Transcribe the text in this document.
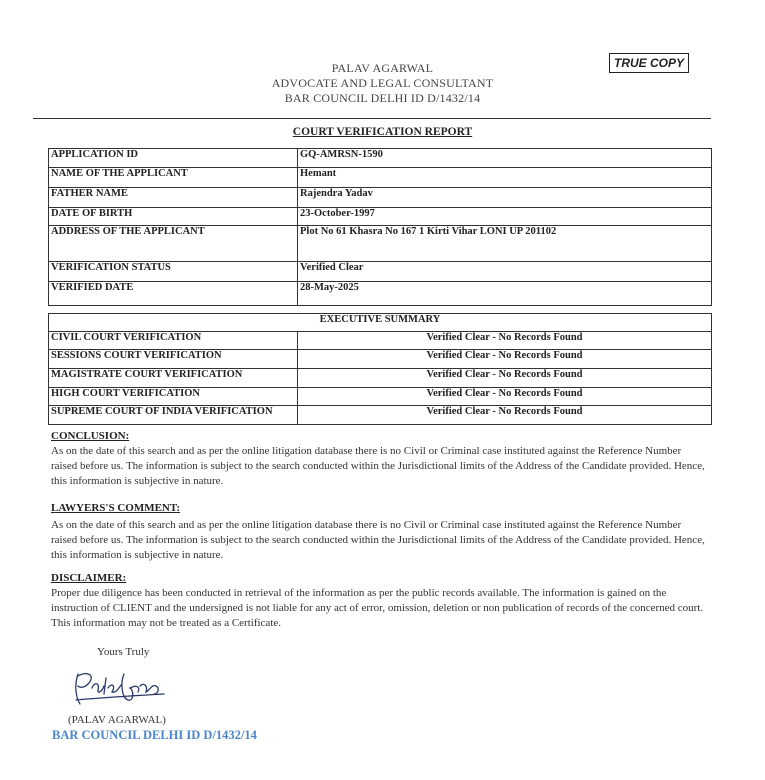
PALAV AGARWAL
ADVOCATE AND LEGAL CONSULTANT
BAR COUNCIL DELHI ID D/1432/14
TRUE COPY
COURT VERIFICATION REPORT
APPLICATION ID	GQ-AMRSN-1590
NAME OF THE APPLICANT	Hemant
FATHER NAME	Rajendra Yadav
DATE OF BIRTH	23-October-1997
ADDRESS OF THE APPLICANT	Plot No 61 Khasra No 167 1 Kirti Vihar LONI UP 201102
VERIFICATION STATUS	Verified Clear
VERIFIED DATE	28-May-2025
EXECUTIVE SUMMARY	
CIVIL COURT VERIFICATION	Verified Clear - No Records Found
SESSIONS COURT VERIFICATION	Verified Clear - No Records Found
MAGISTRATE COURT VERIFICATION	Verified Clear - No Records Found
HIGH COURT VERIFICATION	Verified Clear - No Records Found
SUPREME COURT OF INDIA VERIFICATION	Verified Clear - No Records Found
CONCLUSION:
As on the date of this search and as per the online litigation database there is no Civil or Criminal case instituted against the Reference Number raised before us. The information is subject to the search conducted within the Jurisdictional limits of the Address of the Candidate provided. Hence, this information is subjective in nature.
LAWYERS'S COMMENT:
As on the date of this search and as per the online litigation database there is no Civil or Criminal case instituted against the Reference Number raised before us. The information is subject to the search conducted within the Jurisdictional limits of the Address of the Candidate provided. Hence, this information is subjective in nature.
DISCLAIMER:
Proper due diligence has been conducted in retrieval of the information as per the public records available. The information is gained on the instruction of CLIENT and the undersigned is not liable for any act of error, omission, deletion or non publication of records of the concerned court. This information may not be treated as a Certificate.
Yours Truly
(PALAV AGARWAL)
BAR COUNCIL DELHI ID D/1432/14
